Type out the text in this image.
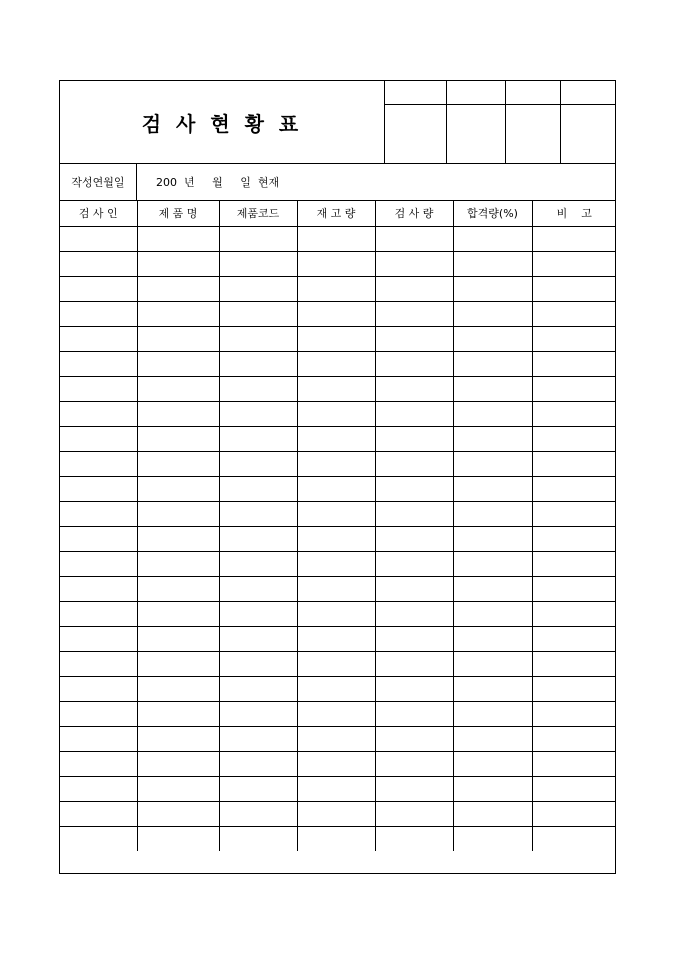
검 사 현 황 표
작성연월일	200  년     월     일  현재
검 사 인	제 품 명	제품코드	재 고 량	검 사 량	합격량(%)	비    고
